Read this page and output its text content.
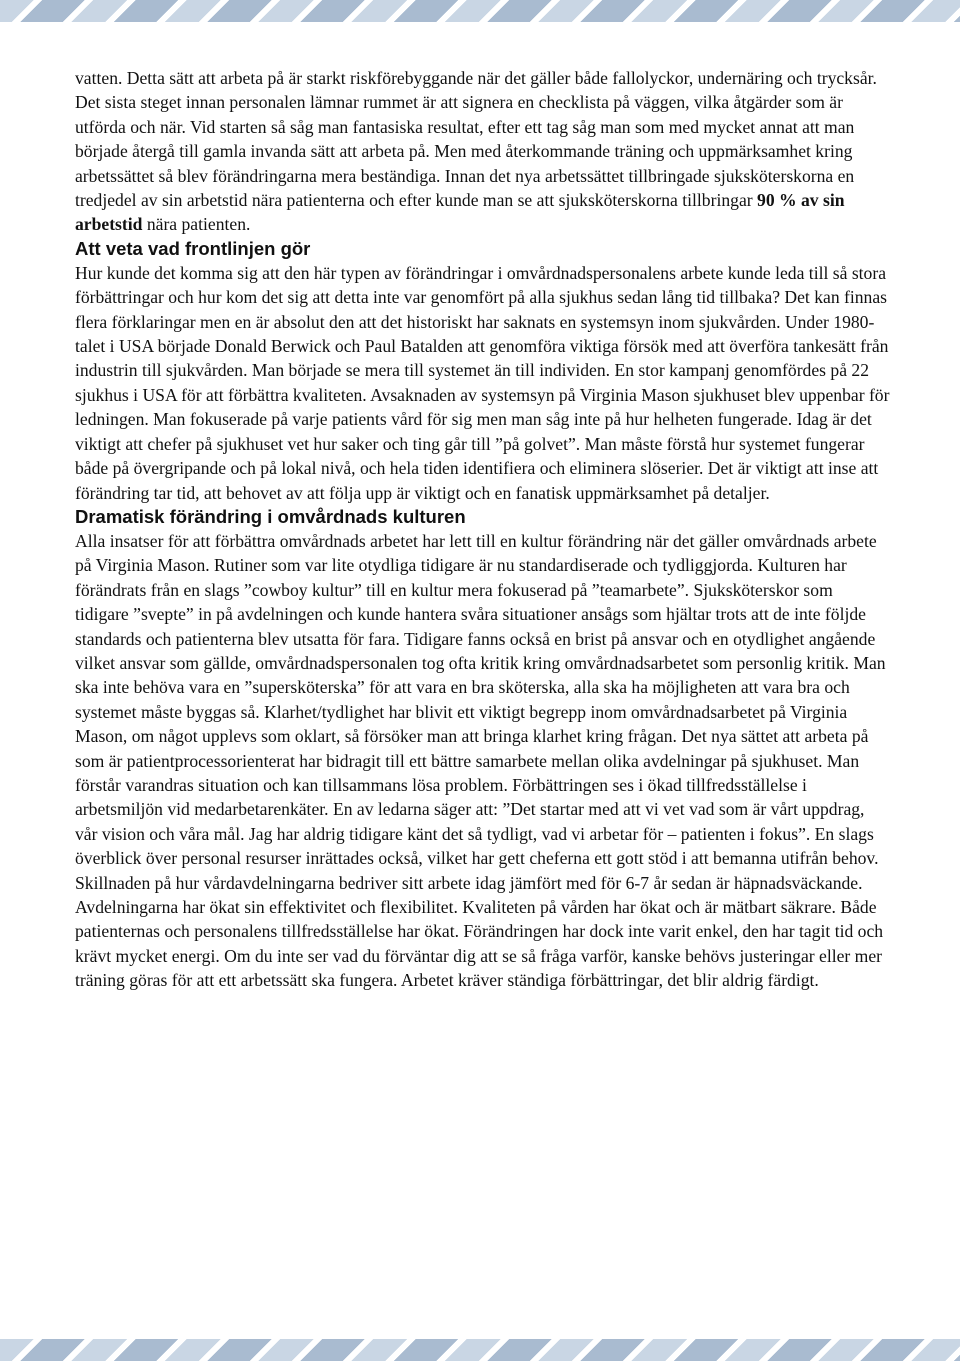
vatten. Detta sätt att arbeta på är starkt riskförebyggande när det gäller både fallolyckor, undernäring och trycksår. Det sista steget innan personalen lämnar rummet är att signera en checklista på väggen, vilka åtgärder som är utförda och när. Vid starten så såg man fantasiska resultat, efter ett tag såg man som med mycket annat att man började återgå till gamla invanda sätt att arbeta på. Men med återkommande träning och uppmärksamhet kring arbetssättet så blev förändringarna mera beständiga. Innan det nya arbetssättet tillbringade sjuksköterskorna en tredjedel av sin arbetstid nära patienterna och efter kunde man se att sjuksköterskorna tillbringar 90 % av sin arbetstid nära patienten.

Att veta vad frontlinjen gör

Hur kunde det komma sig att den här typen av förändringar i omvårdnadspersonalens arbete kunde leda till så stora förbättringar och hur kom det sig att detta inte var genomfört på alla sjukhus sedan lång tid tillbaka? Det kan finnas flera förklaringar men en är absolut den att det historiskt har saknats en systemsyn inom sjukvården. Under 1980-talet i USA började Donald Berwick och Paul Batalden att genomföra viktiga försök med att överföra tankesätt från industrin till sjukvården. Man började se mera till systemet än till individen. En stor kampanj genomfördes på 22 sjukhus i USA för att förbättra kvaliteten. Avsaknaden av systemsyn på Virginia Mason sjukhuset blev uppenbar för ledningen. Man fokuserade på varje patients vård för sig men man såg inte på hur helheten fungerade. Idag är det viktigt att chefer på sjukhuset vet hur saker och ting går till ”på golvet”. Man måste förstå hur systemet fungerar både på övergripande och på lokal nivå, och hela tiden identifiera och eliminera slöserier. Det är viktigt att inse att förändring tar tid, att behovet av att följa upp är viktigt och en fanatisk uppmärksamhet på detaljer.

Dramatisk förändring i omvårdnads kulturen

Alla insatser för att förbättra omvårdnads arbetet har lett till en kultur förändring när det gäller omvårdnads arbete på Virginia Mason. Rutiner som var lite otydliga tidigare är nu standardiserade och tydliggjorda. Kulturen har förändrats från en slags ”cowboy kultur” till en kultur mera fokuserad på ”teamarbete”. Sjuksköterskor som tidigare ”svepte” in på avdelningen och kunde hantera svåra situationer ansågs som hjältar trots att de inte följde standards och patienterna blev utsatta för fara. Tidigare fanns också en brist på ansvar och en otydlighet angående vilket ansvar som gällde, omvårdnadspersonalen tog ofta kritik kring omvårdnadsarbetet som personlig kritik. Man ska inte behöva vara en ”supersköterska” för att vara en bra sköterska, alla ska ha möjligheten att vara bra och systemet måste byggas så. Klarhet/tydlighet har blivit ett viktigt begrepp inom omvårdnadsarbetet på Virginia Mason, om något upplevs som oklart, så försöker man att bringa klarhet kring frågan. Det nya sättet att arbeta på som är patientprocessorienterat har bidragit till ett bättre samarbete mellan olika avdelningar på sjukhuset. Man förstår varandras situation och kan tillsammans lösa problem. Förbättringen ses i ökad tillfredsställelse i arbetsmiljön vid medarbetarenkäter. En av ledarna säger att: ”Det startar med att vi vet vad som är vårt uppdrag, vår vision och våra mål. Jag har aldrig tidigare känt det så tydligt, vad vi arbetar för – patienten i fokus”. En slags överblick över personal resurser inrättades också, vilket har gett cheferna ett gott stöd i att bemanna utifrån behov. Skillnaden på hur vårdavdelningarna bedriver sitt arbete idag jämfört med för 6-7 år sedan är häpnadsväckande. Avdelningarna har ökat sin effektivitet och flexibilitet. Kvaliteten på vården har ökat och är mätbart säkrare. Både patienternas och personalens tillfredsställelse har ökat. Förändringen har dock inte varit enkel, den har tagit tid och krävt mycket energi. Om du inte ser vad du förväntar dig att se så fråga varför, kanske behövs justeringar eller mer träning göras för att ett arbetssätt ska fungera. Arbetet kräver ständiga förbättringar, det blir aldrig färdigt.
